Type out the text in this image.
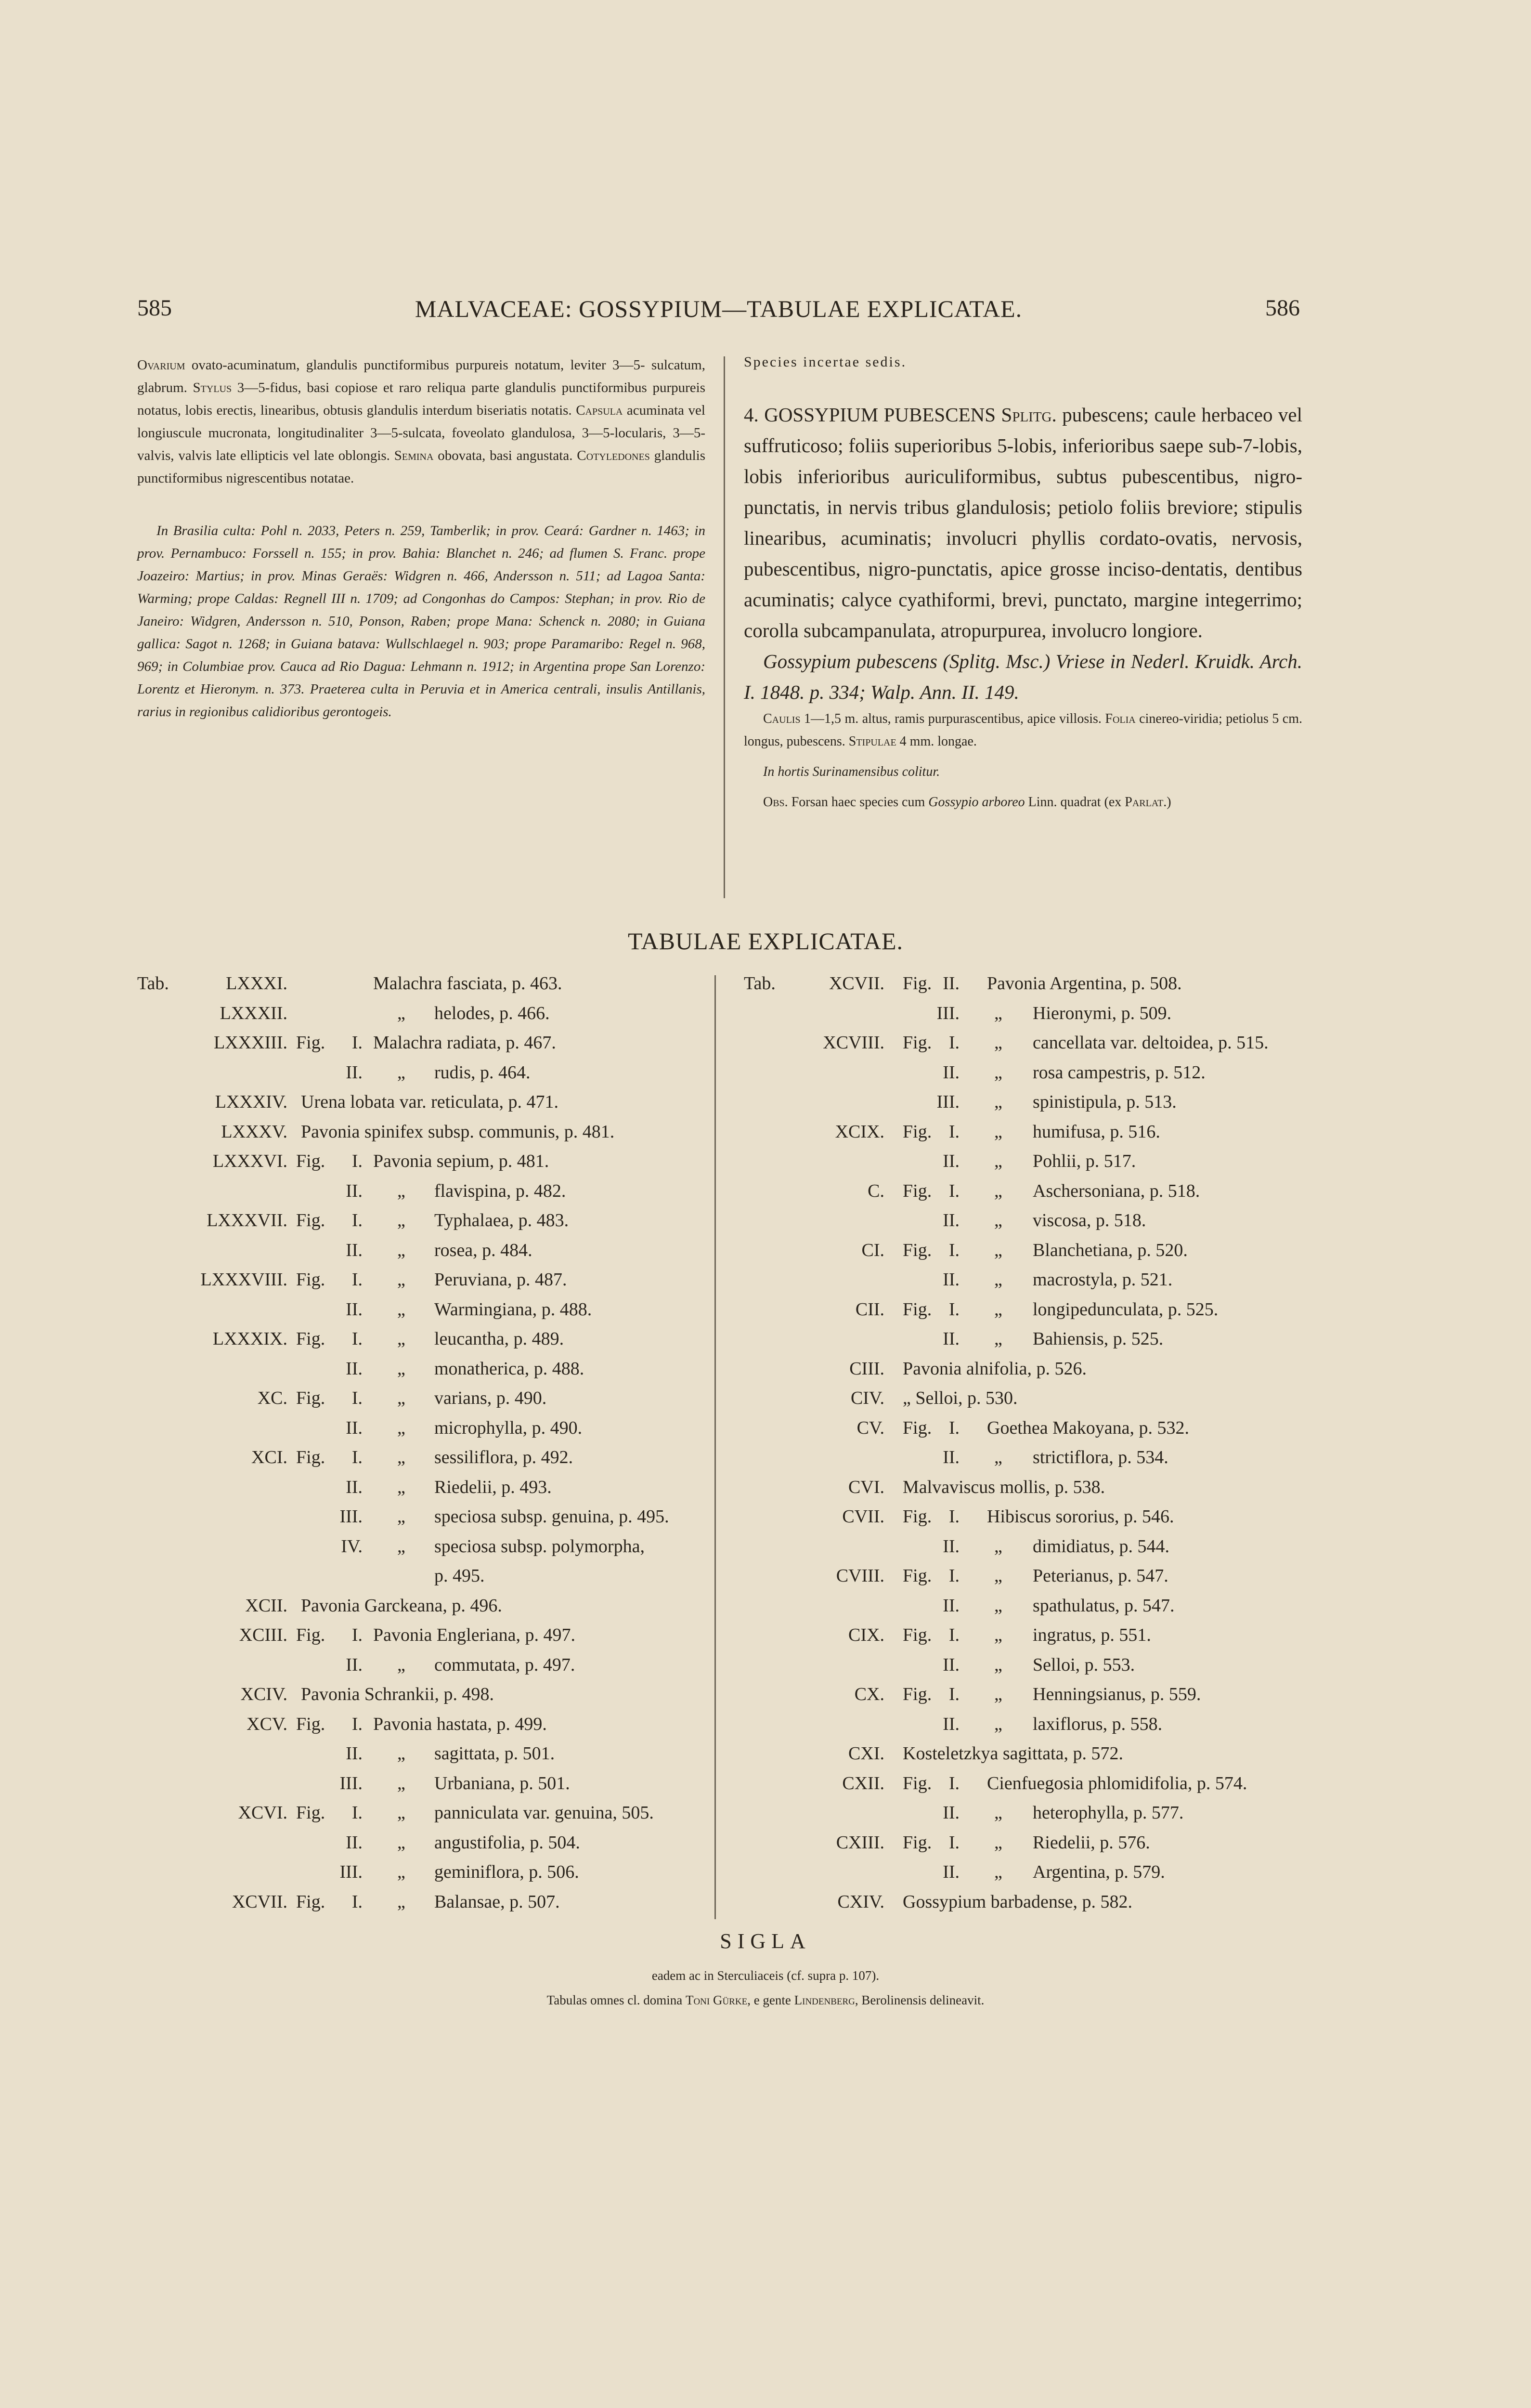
585	MALVACEAE: GOSSYPIUM—TABULAE EXPLICATAE.	586

Ovarium ovato-acuminatum, glandulis punctiformibus purpureis notatum, leviter 3—5- sulcatum, glabrum. Stylus 3—5-fidus, basi copiose et raro reliqua parte glandulis punctiformibus purpureis notatus, lobis erectis, linearibus, obtusis glandulis interdum biseriatis notatis. Capsula acuminata vel longiuscule mucronata, longitudinaliter 3—5-sulcata, foveolato glandulosa, 3—5-locularis, 3—5-valvis, valvis late ellipticis vel late oblongis. Semina obovata, basi angustata. Cotyledones glandulis punctiformibus nigrescentibus notatae.

In Brasilia culta: Pohl n. 2033, Peters n. 259, Tamberlik; in prov. Ceará: Gardner n. 1463; in prov. Pernambuco: Forssell n. 155; in prov. Bahia: Blanchet n. 246; ad flumen S. Franc. prope Joazeiro: Martius; in prov. Minas Geraës: Widgren n. 466, Andersson n. 511; ad Lagoa Santa: Warming; prope Caldas: Regnell III n. 1709; ad Congonhas do Campos: Stephan; in prov. Rio de Janeiro: Widgren, Andersson n. 510, Ponson, Raben; prope Mana: Schenck n. 2080; in Guiana gallica: Sagot n. 1268; in Guiana batava: Wullschlaegel n. 903; prope Paramaribo: Regel n. 968, 969; in Columbiae prov. Cauca ad Rio Dagua: Lehmann n. 1912; in Argentina prope San Lorenzo: Lorentz et Hieronym. n. 373. Praeterea culta in Peruvia et in America centrali, insulis Antillanis, rarius in regionibus calidioribus gerontogeis.

Species incertae sedis.

4. GOSSYPIUM PUBESCENS Splitg. pubescens; caule herbaceo vel suffruticoso; foliis superioribus 5-lobis, inferioribus saepe sub-7-lobis, lobis inferioribus auriculiformibus, subtus pubescentibus, nigro-punctatis, in nervis tribus glandulosis; petiolo foliis breviore; stipulis linearibus, acuminatis; involucri phyllis cordato-ovatis, nervosis, pubescentibus, nigro-punctatis, apice grosse inciso-dentatis, dentibus acuminatis; calyce cyathiformi, brevi, punctato, margine integerrimo; corolla subcampanulata, atropurpurea, involucro longiore.

Gossypium pubescens (Splitg. Msc.) Vriese in Nederl. Kruidk. Arch. I. 1848. p. 334; Walp. Ann. II. 149.

Caulis 1—1,5 m. altus, ramis purpurascentibus, apice villosis. Folia cinereo-viridia; petiolus 5 cm. longus, pubescens. Stipulae 4 mm. longae.

In hortis Surinamensibus colitur.

Obs. Forsan haec species cum Gossypio arboreo Linn. quadrat (ex Parlat.)

TABULAE EXPLICATAE.
Tab.	LXXXI.	Malachra fasciata, p. 463.
LXXXII.	„ helodes, p. 466.
LXXXIII. Fig. I. Malachra radiata, p. 467.
II. „ rudis, p. 464.
LXXXIV. Urena lobata var. reticulata, p. 471.
LXXXV. Pavonia spinifex subsp. communis, p. 481.
LXXXVI. Fig. I. Pavonia sepium, p. 481.
II. „ flavispina, p. 482.
LXXXVII. Fig. I. „ Typhalaea, p. 483.
II. „ rosea, p. 484.
LXXXVIII. Fig. I. „ Peruviana, p. 487.
II. „ Warmingiana, p. 488.
LXXXIX. Fig. I. „ leucantha, p. 489.
II. „ monatherica, p. 488.
XC. Fig. I. „ varians, p. 490.
II. „ microphylla, p. 490.
XCI. Fig. I. „ sessiliflora, p. 492.
II. „ Riedelii, p. 493.
III. „ speciosa subsp. genuina, p. 495.
IV. „ speciosa subsp. polymorpha,
p. 495.
XCII. Pavonia Garckeana, p. 496.
XCIII. Fig. I. Pavonia Engleriana, p. 497.
II. „ commutata, p. 497.
XCIV. Pavonia Schrankii, p. 498.
XCV. Fig. I. Pavonia hastata, p. 499.
II. „ sagittata, p. 501.
III. „ Urbaniana, p. 501.
XCVI. Fig. I. „ panniculata var. genuina, 505.
II. „ angustifolia, p. 504.
III. „ geminiflora, p. 506.
XCVII. Fig. I. „ Balansae, p. 507.
Tab.	XCVII. Fig. II. Pavonia Argentina, p. 508.
III. „ Hieronymi, p. 509.
XCVIII. Fig. I. „ cancellata var. deltoidea, p. 515.
II. „ rosa campestris, p. 512.
III. „ spinistipula, p. 513.
XCIX. Fig. I. „ humifusa, p. 516.
II. „ Pohlii, p. 517.
C. Fig. I. „ Aschersoniana, p. 518.
II. „ viscosa, p. 518.
CI. Fig. I. „ Blanchetiana, p. 520.
II. „ macrostyla, p. 521.
CII. Fig. I. „ longipedunculata, p. 525.
II. „ Bahiensis, p. 525.
CIII. Pavonia alnifolia, p. 526.
CIV. „ Selloi, p. 530.
CV. Fig. I. Goethea Makoyana, p. 532.
II. „ strictiflora, p. 534.
CVI. Malvaviscus mollis, p. 538.
CVII. Fig. I. Hibiscus sororius, p. 546.
II. „ dimidiatus, p. 544.
CVIII. Fig. I. „ Peterianus, p. 547.
II. „ spathulatus, p. 547.
CIX. Fig. I. „ ingratus, p. 551.
II. „ Selloi, p. 553.
CX. Fig. I. „ Henningsianus, p. 559.
II. „ laxiflorus, p. 558.
CXI. Kosteletzkya sagittata, p. 572.
CXII. Fig. I. Cienfuegosia phlomidifolia, p. 574.
II. „ heterophylla, p. 577.
CXIII. Fig. I. „ Riedelii, p. 576.
II. „ Argentina, p. 579.
CXIV. Gossypium barbadense, p. 582.
SIGLA
eadem ac in Sterculiaceis (cf. supra p. 107).
Tabulas omnes cl. domina Toni Gürke, e gente Lindenberg, Berolinensis delineavit.
